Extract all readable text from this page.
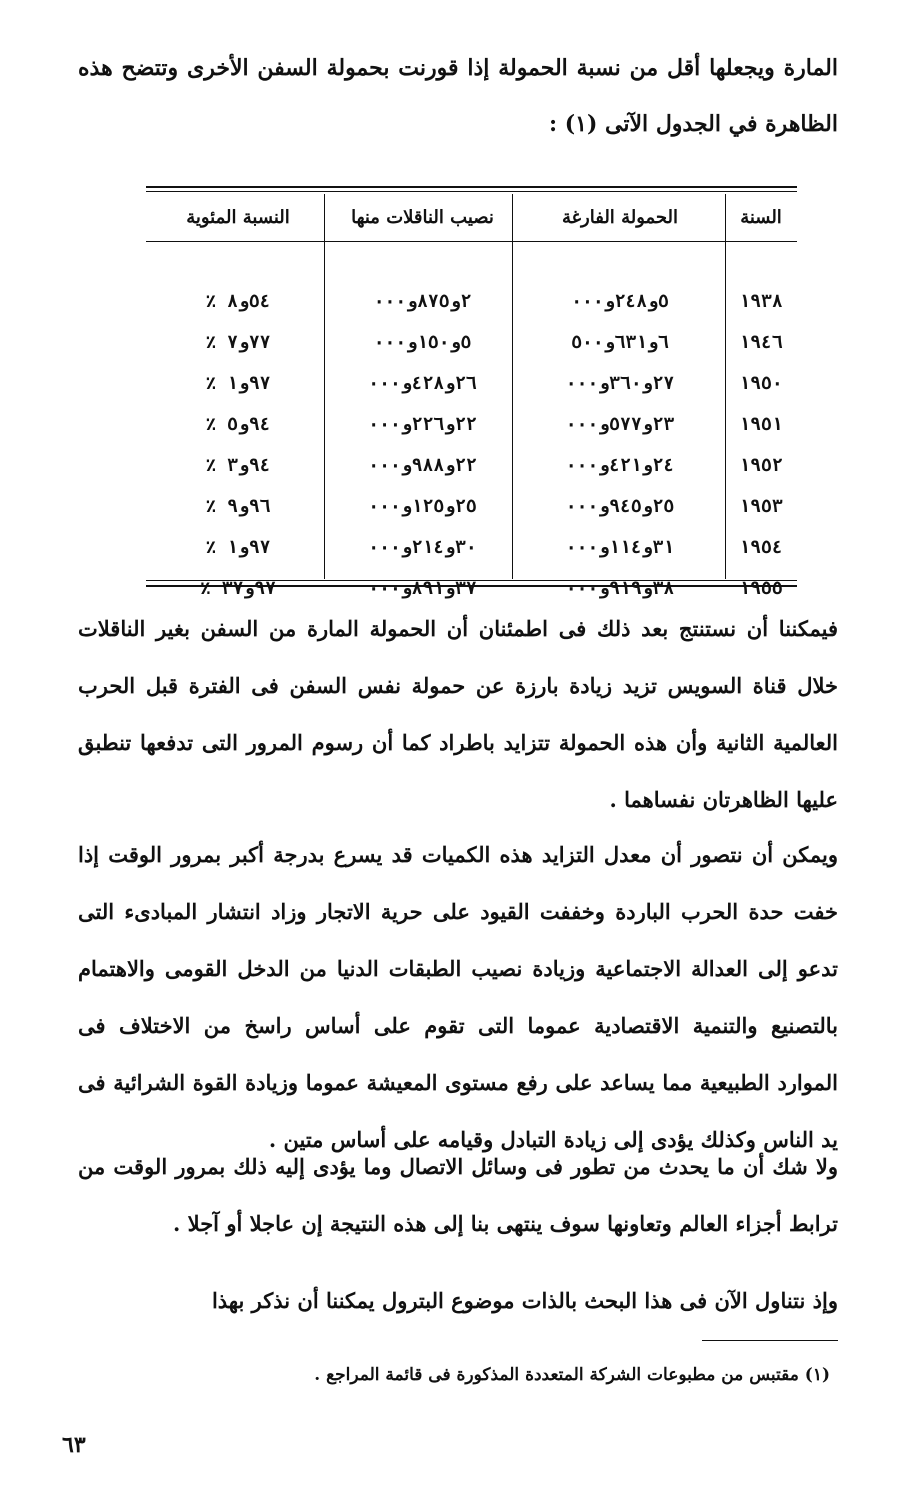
المارة ويجعلها أقل من نسبة الحمولة إذا قورنت بحمولة السفن الأخرى وتتضح هذه الظاهرة في الجدول الآتى (١) :
السنة	الحمولة الفارغة	نصيب الناقلات منها	النسبة المئوية

١٩٣٨	٥و٢٤٨و٠٠٠	٢و٨٧٥و٠٠٠	٥٤و٨ ٪
١٩٤٦	٦و٦٣١و٥٠٠	٥و١٥٠و٠٠٠	٧٧و٧ ٪
١٩٥٠	٢٧و٣٦٠و٠٠٠	٢٦و٤٢٨و٠٠٠	٩٧و١ ٪
١٩٥١	٢٣و٥٧٧و٠٠٠	٢٢و٢٢٦و٠٠٠	٩٤و٥ ٪
١٩٥٢	٢٤و٤٢١و٠٠٠	٢٢و٩٨٨و٠٠٠	٩٤و٣ ٪
١٩٥٣	٢٥و٩٤٥و٠٠٠	٢٥و١٢٥و٠٠٠	٩٦و٩ ٪
١٩٥٤	٣١و١١٤و٠٠٠	٣٠و٢١٤و٠٠٠	٩٧و١ ٪
١٩٥٥	٣٨و٩١٩و٠٠٠	٣٧و٨٩١و٠٠٠	٩٧و٣٧ ٪
فيمكننا أن نستنتج بعد ذلك فى اطمئنان أن الحمولة المارة من السفن بغير الناقلات خلال قناة السويس تزيد زيادة بارزة عن حمولة نفس السفن فى الفترة قبل الحرب العالمية الثانية وأن هذه الحمولة تتزايد باطراد كما أن رسوم المرور التى تدفعها تنطبق عليها الظاهرتان نفساهما .
ويمكن أن نتصور أن معدل التزايد هذه الكميات قد يسرع بدرجة أكبر بمرور الوقت إذا خفت حدة الحرب الباردة وخففت القيود على حرية الاتجار وزاد انتشار المبادىء التى تدعو إلى العدالة الاجتماعية وزيادة نصيب الطبقات الدنيا من الدخل القومى والاهتمام بالتصنيع والتنمية الاقتصادية عموما التى تقوم على أساس راسخ من الاختلاف فى الموارد الطبيعية مما يساعد على رفع مستوى المعيشة عموما وزيادة القوة الشرائية فى يد الناس وكذلك يؤدى إلى زيادة التبادل وقيامه على أساس متين .
ولا شك أن ما يحدث من تطور فى وسائل الاتصال وما يؤدى إليه ذلك بمرور الوقت من ترابط أجزاء العالم وتعاونها سوف ينتهى بنا إلى هذه النتيجة إن عاجلا أو آجلا .
وإذ نتناول الآن فى هذا البحث بالذات موضوع البترول يمكننا أن نذكر بهذا
(١) مقتبس من مطبوعات الشركة المتعددة المذكورة فى قائمة المراجع .
٦٣
